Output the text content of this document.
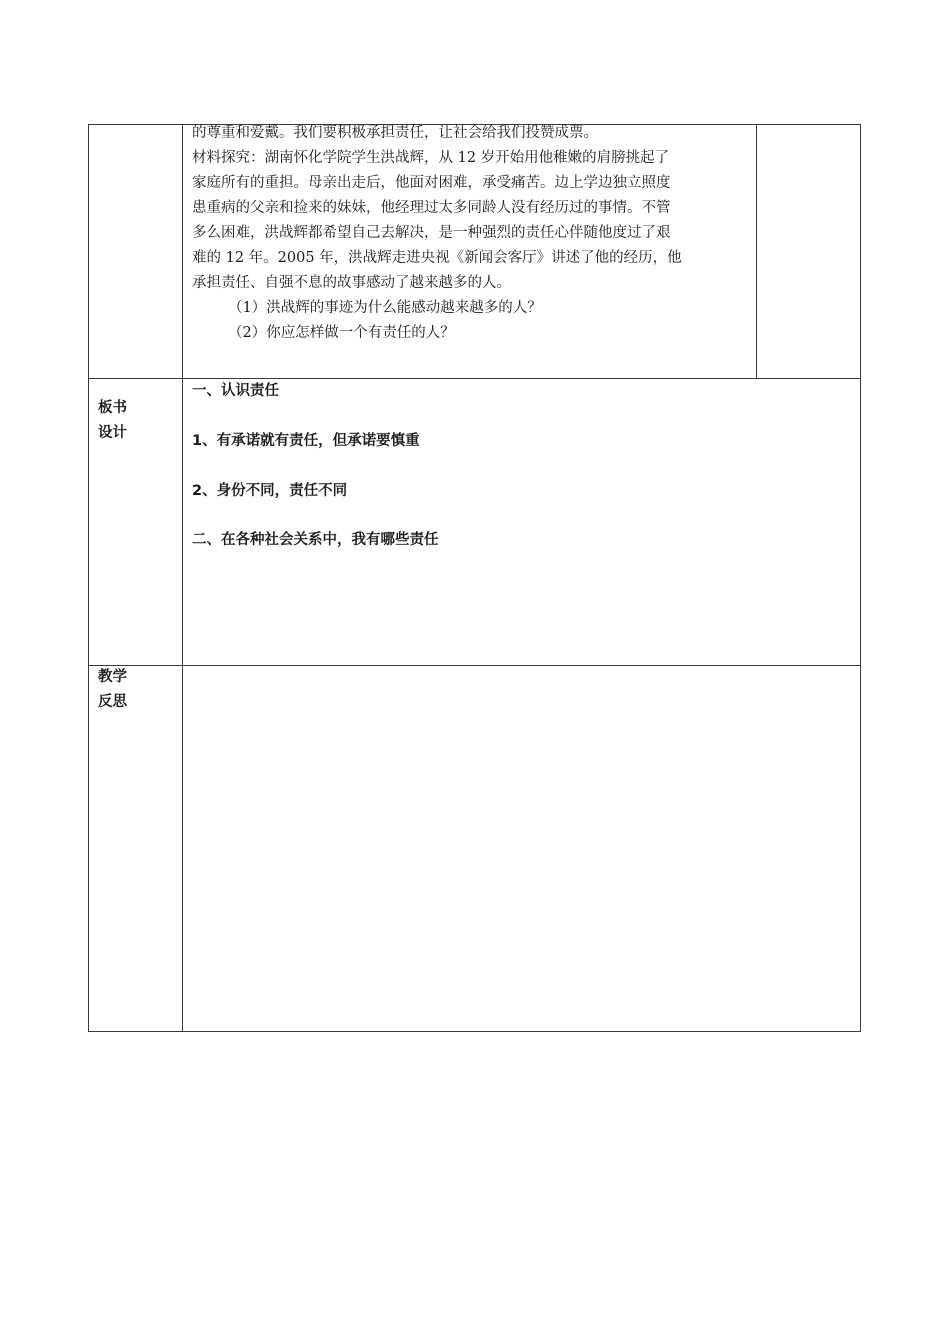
的尊重和爱戴。我们要积极承担责任，让社会给我们投赞成票。
材料探究：湖南怀化学院学生洪战辉，从 12 岁开始用他稚嫩的肩膀挑起了
家庭所有的重担。母亲出走后，他面对困难，承受痛苦。边上学边独立照度
患重病的父亲和捡来的妹妹，他经理过太多同龄人没有经历过的事情。不管
多么困难，洪战辉都希望自己去解决，是一种强烈的责任心伴随他度过了艰
难的 12 年。2005 年，洪战辉走进央视《新闻会客厅》讲述了他的经历，他
承担责任、自强不息的故事感动了越来越多的人。
（1）洪战辉的事迹为什么能感动越来越多的人？
（2）你应怎样做一个有责任的人？
板书
设计
一、认识责任
1、有承诺就有责任，但承诺要慎重
2、身份不同，责任不同
二、在各种社会关系中，我有哪些责任
教学
反思
